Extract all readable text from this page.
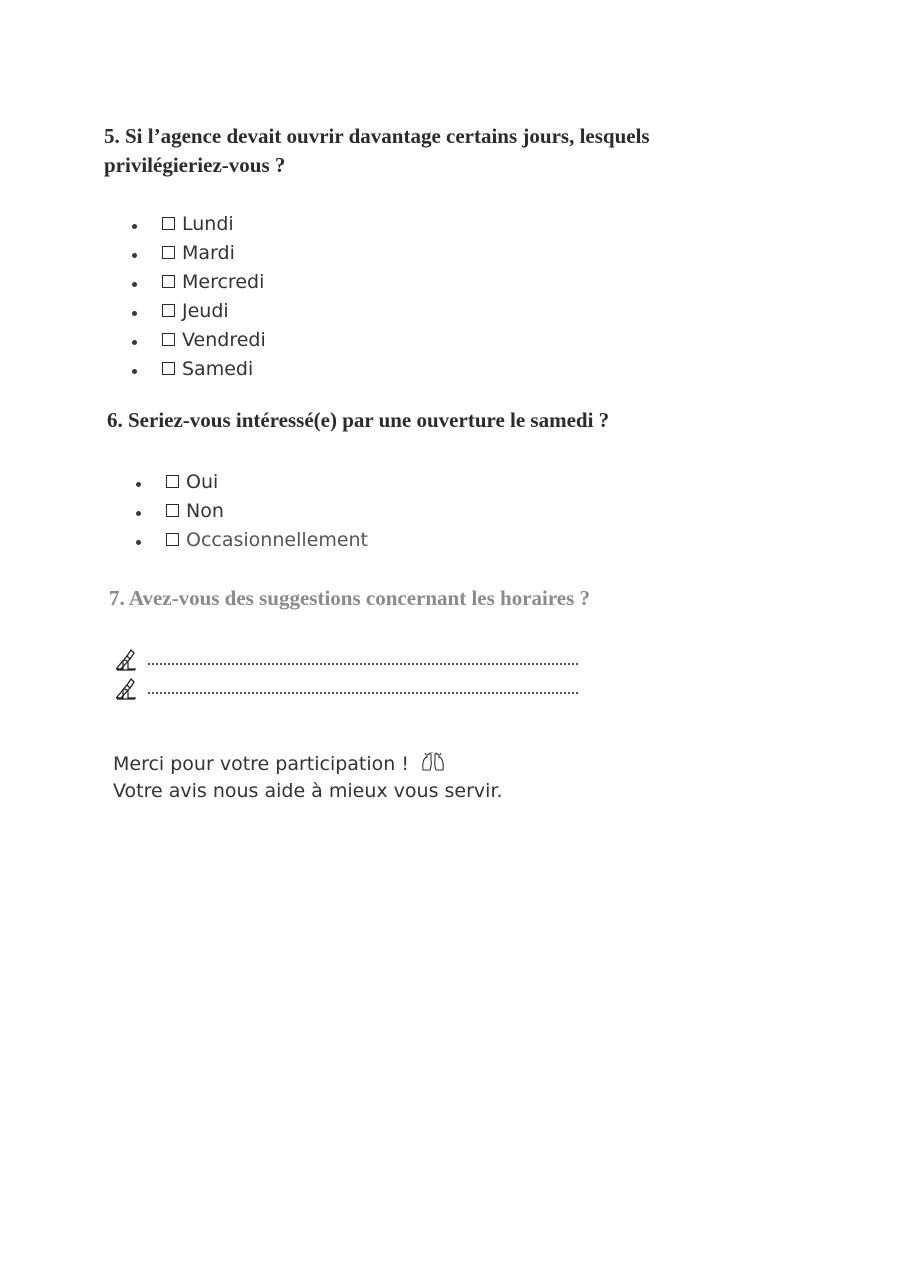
5. Si l’agence devait ouvrir davantage certains jours, lesquels privilégieriez-vous ?
Lundi
Mardi
Mercredi
Jeudi
Vendredi
Samedi
6. Seriez-vous intéressé(e) par une ouverture le samedi ?
Oui
Non
Occasionnellement
7. Avez-vous des suggestions concernant les horaires ?
Merci pour votre participation !
Votre avis nous aide à mieux vous servir.
